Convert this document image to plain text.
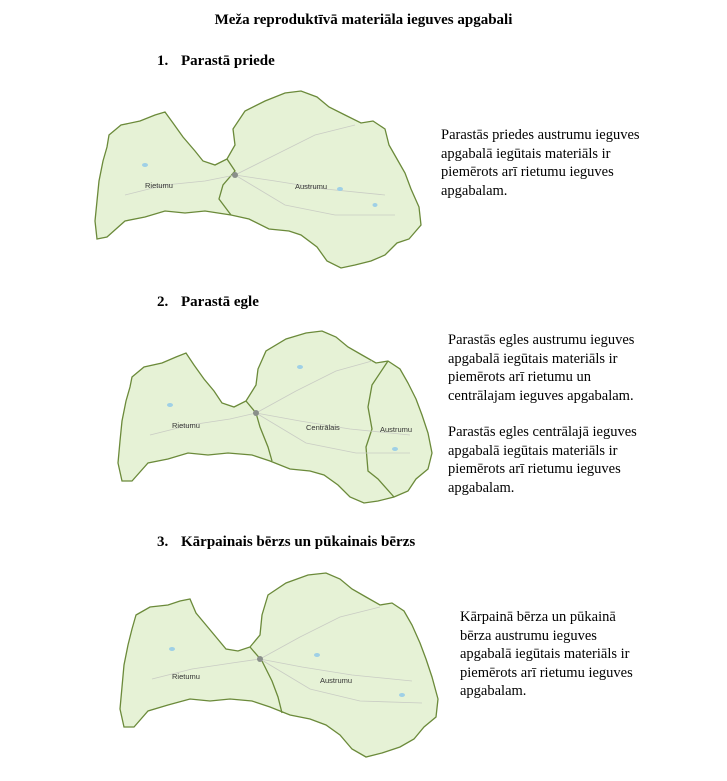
Meža reproduktīvā materiāla ieguves apgabali
1. Parastā priede
Rietumu	Austrumu

Parastās priedes austrumu ieguves apgabalā iegūtais materiāls ir piemērots arī rietumu ieguves apgabalam.

2. Parastā egle
Rietumu	Centrālais	Austrumu

Parastās egles austrumu ieguves apgabalā iegūtais materiāls ir piemērots arī rietumu un centrālajam ieguves apgabalam.

Parastās egles centrālajā ieguves apgabalā iegūtais materiāls ir piemērots arī rietumu ieguves apgabalam.

3. Kārpainais bērzs un pūkainais bērzs
Rietumu	Austrumu

Kārpainā bērza un pūkainā bērza austrumu ieguves apgabalā iegūtais materiāls ir piemērots arī rietumu ieguves apgabalam.
